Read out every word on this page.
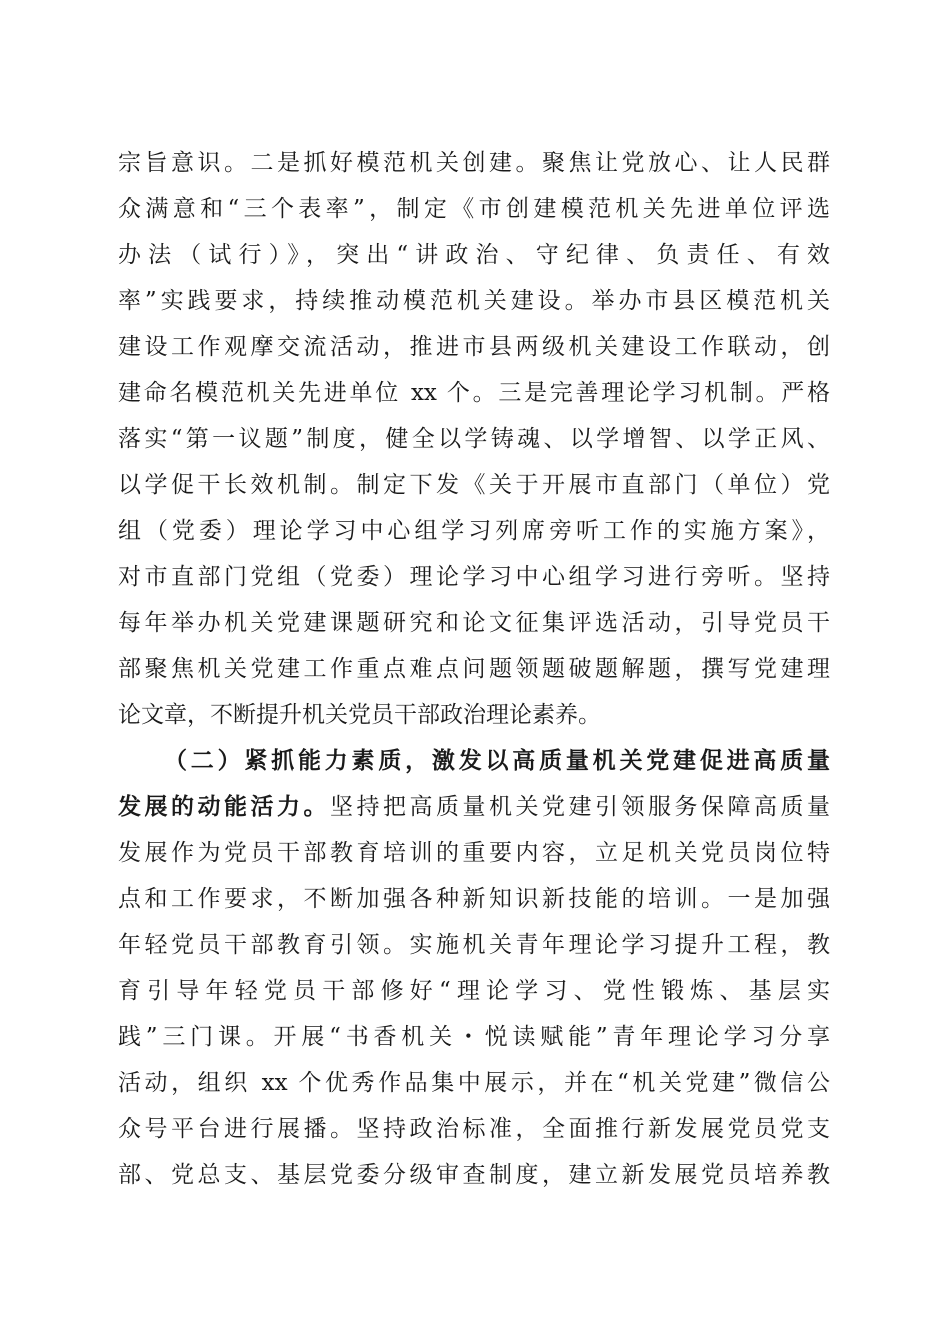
宗旨意识。二是抓好模范机关创建。聚焦让党放心、让人民群
众满意和“三个表率”，制定《市创建模范机关先进单位评选
办法（试行）》，突出“讲政治、守纪律、负责任、有效
率”实践要求，持续推动模范机关建设。举办市县区模范机关
建设工作观摩交流活动，推进市县两级机关建设工作联动，创
建命名模范机关先进单位 xx 个。三是完善理论学习机制。严格
落实“第一议题”制度，健全以学铸魂、以学增智、以学正风、
以学促干长效机制。制定下发《关于开展市直部门（单位）党
组（党委）理论学习中心组学习列席旁听工作的实施方案》，
对市直部门党组（党委）理论学习中心组学习进行旁听。坚持
每年举办机关党建课题研究和论文征集评选活动，引导党员干
部聚焦机关党建工作重点难点问题领题破题解题，撰写党建理
论文章，不断提升机关党员干部政治理论素养。
（二）紧抓能力素质，激发以高质量机关党建促进高质量
发展的动能活力。坚持把高质量机关党建引领服务保障高质量
发展作为党员干部教育培训的重要内容，立足机关党员岗位特
点和工作要求，不断加强各种新知识新技能的培训。一是加强
年轻党员干部教育引领。实施机关青年理论学习提升工程，教
育引导年轻党员干部修好“理论学习、党性锻炼、基层实
践”三门课。开展“书香机关・悦读赋能”青年理论学习分享
活动，组织 xx 个优秀作品集中展示，并在“机关党建”微信公
众号平台进行展播。坚持政治标准，全面推行新发展党员党支
部、党总支、基层党委分级审查制度，建立新发展党员培养教
